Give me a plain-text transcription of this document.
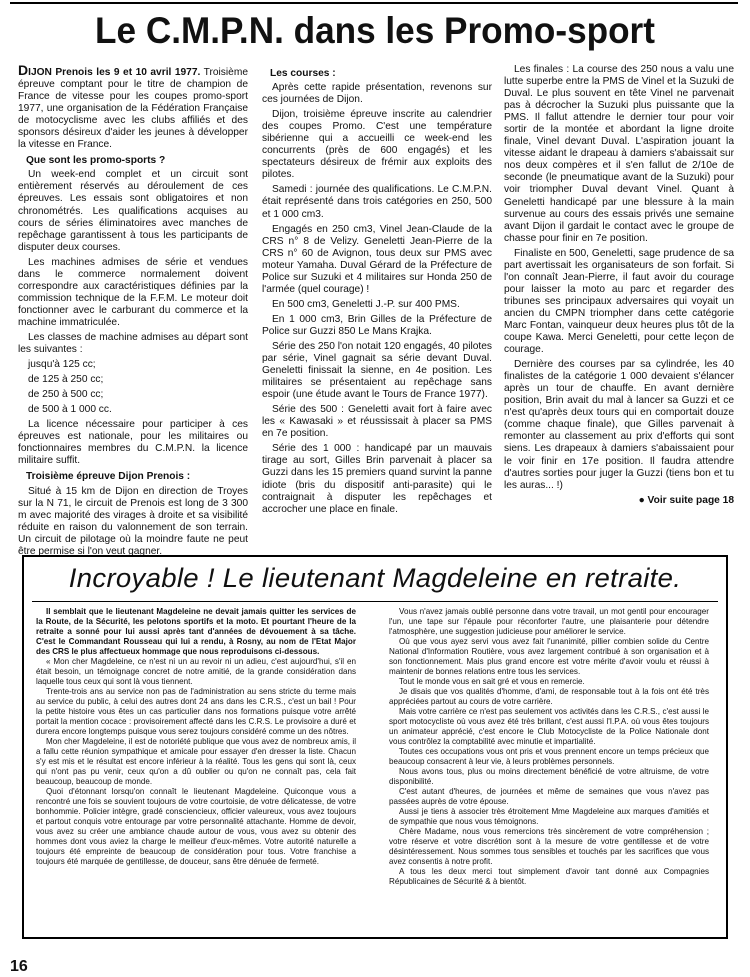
Le C.M.P.N. dans les Promo-sport

DIJON Prenois les 9 et 10 avril 1977. Troisième épreuve comptant pour le titre de champion de France de vitesse pour les coupes promo-sport 1977, une organisation de la Fédération Française de motocyclisme avec les clubs affiliés et des sponsors désireux d'aider les jeunes à développer la vitesse en France.

Que sont les promo-sports ?

Un week-end complet et un circuit sont entièrement réservés au déroulement de ces épreuves. Les essais sont obligatoires et non chronométrés. Les qualifications acquises au cours de séries éliminatoires avec manches de repêchage garantissent à tous les participants de disputer deux courses.

Les machines admises de série et vendues dans le commerce normalement doivent correspondre aux caractéristiques définies par la commission technique de la F.F.M. Le moteur doit fonctionner avec le carburant du commerce et la machine immatriculée.

Les classes de machine admises au départ sont les suivantes :

jusqu'à 125 cc;

de 125 à 250 cc;

de 250 à 500 cc;

de 500 à 1 000 cc.

La licence nécessaire pour participer à ces épreuves est nationale, pour les militaires ou fonctionnaires membres du C.M.P.N. la licence militaire suffit.

Troisième épreuve Dijon Prenois :

Situé à 15 km de Dijon en direction de Troyes sur la N 71, le circuit de Prenois est long de 3 300 m avec majorité des virages à droite et sa visibilité réduite en raison du valonnement de son terrain. Un circuit de pilotage où la moindre faute ne peut être permise si l'on veut gagner.

Les courses :

Après cette rapide présentation, revenons sur ces journées de Dijon.

Dijon, troisième épreuve inscrite au calendrier des coupes Promo. C'est une température sibérienne qui a accueilli ce week-end les concurrents (près de 600 engagés) et les spectateurs désireux de frémir aux exploits des pilotes.

Samedi : journée des qualifications. Le C.M.P.N. était représenté dans trois catégories en 250, 500 et 1 000 cm3.

Engagés en 250 cm3, Vinel Jean-Claude de la CRS n° 8 de Velizy. Geneletti Jean-Pierre de la CRS n° 60 de Avignon, tous deux sur PMS avec moteur Yamaha. Duval Gérard de la Préfecture de Police sur Suzuki et 4 militaires sur Honda 250 de l'armée (quel courage) !

En 500 cm3, Geneletti J.-P. sur 400 PMS.

En 1 000 cm3, Brin Gilles de la Préfecture de Police sur Guzzi 850 Le Mans Krajka.

Série des 250 l'on notait 120 engagés, 40 pilotes par série, Vinel gagnait sa série devant Duval. Geneletti finissait la sienne, en 4e position. Les militaires se présentaient au repêchage sans espoir (une étude avant le Tours de France 1977).

Série des 500 : Geneletti avait fort à faire avec les « Kawasaki » et réussissait à placer sa PMS en 7e position.

Série des 1 000 : handicapé par un mauvais tirage au sort, Gilles Brin parvenait à placer sa Guzzi dans les 15 premiers quand survint la panne idiote (bris du dispositif anti-parasite) qui le contraignait à disputer les repêchages et accrocher une place en finale.

Les finales : La course des 250 nous a valu une lutte superbe entre la PMS de Vinel et la Suzuki de Duval. Le plus souvent en tête Vinel ne parvenait pas à décrocher la Suzuki plus puissante que la PMS. Il fallut attendre le dernier tour pour voir sortir de la montée et abordant la ligne droite finale, Vinel devant Duval. L'aspiration jouant la vitesse aidant le drapeau à damiers s'abaissait sur nos deux compères et il s'en fallut de 2/10e de seconde (le pneumatique avant de la Suzuki) pour voir triompher Duval devant Vinel. Quant à Geneletti handicapé par une blessure à la main survenue au cours des essais privés une semaine avant Dijon il gardait le contact avec le groupe de chasse pour finir en 7e position.

Finaliste en 500, Geneletti, sage prudence de sa part avertissait les organisateurs de son forfait. Si l'on connaît Jean-Pierre, il faut avoir du courage pour laisser la moto au parc et regarder des tribunes ses principaux adversaires qui voyait un ancien du CMPN triompher dans cette catégorie Marc Fontan, vainqueur deux heures plus tôt de la coupe Kawa. Merci Geneletti, pour cette leçon de courage.

Dernière des courses par sa cylindrée, les 40 finalistes de la catégorie 1 000 devaient s'élancer après un tour de chauffe. En avant dernière position, Brin avait du mal à lancer sa Guzzi et ce n'est qu'après deux tours qui en comportait douze (comme chaque finale), que Gilles parvenait à remonter au classement au prix d'efforts qui sont siens. Les drapeaux à damiers s'abaissaient pour le voir finir en 17e position. Il faudra attendre d'autres sorties pour juger la Guzzi (tiens bon et tu les auras... !)

● Voir suite page 18

Incroyable ! Le lieutenant Magdeleine en retraite.

Il semblait que le lieutenant Magdeleine ne devait jamais quitter les services de la Route, de la Sécurité, les pelotons sportifs et la moto. Et pourtant l'heure de la retraite a sonné pour lui aussi après tant d'années de dévouement à sa tâche. C'est le Commandant Rousseau qui lui a rendu, à Rosny, au nom de l'Etat Major des CRS le plus affectueux hommage que nous reproduisons ci-dessous.

« Mon cher Magdeleine, ce n'est ni un au revoir ni un adieu, c'est aujourd'hui, s'il en était besoin, un témoignage concret de notre amitié, de la grande considération dans laquelle tous ceux qui sont là vous tiennent.

Trente-trois ans au service non pas de l'administration au sens stricte du terme mais au service du public, à celui des autres dont 24 ans dans les C.R.S., c'est un bail ! Pour la petite histoire vous êtes un cas particulier dans nos formations puisque votre arrêté portait la mention cocace : provisoirement affecté dans les C.R.S. Le provisoire a duré et durera encore longtemps puisque vous serez toujours considéré comme un des nôtres.

Mon cher Magdeleine, il est de notoriété publique que vous avez de nombreux amis, il a fallu cette réunion sympathique et amicale pour essayer d'en dresser la liste. Chacun s'y est mis et le résultat est encore inférieur à la réalité. Tous les gens qui sont là, ceux qui n'ont pas pu venir, ceux qu'on a dû oublier ou qu'on ne connaît pas, cela fait beaucoup, beaucoup de monde.

Quoi d'étonnant lorsqu'on connaît le lieutenant Magdeleine. Quiconque vous a rencontré une fois se souvient toujours de votre courtoisie, de votre délicatesse, de votre bonhommie. Policier intègre, gradé consciencieux, officier valeureux, vous avez toujours et partout conquis votre entourage par votre personnalité attachante. Homme de devoir, vous avez su créer une ambiance chaude autour de vous, vous avez su obtenir des hommes dont vous aviez la charge le meilleur d'eux-mêmes. Votre autorité naturelle a toujours été empreinte de beaucoup de considération pour tous. Votre franchise a toujours été marquée de gentillesse, de douceur, sans être dénuée de fermeté.

Vous n'avez jamais oublié personne dans votre travail, un mot gentil pour encourager l'un, une tape sur l'épaule pour réconforter l'autre, une plaisanterie pour détendre l'atmosphère, une suggestion judicieuse pour améliorer le service.

Où que vous ayez servi vous avez fait l'unanimité, pillier combien solide du Centre National d'Information Routière, vous avez largement contribué à son organisation et à son fonctionnement. Mais plus grand encore est votre mérite d'avoir voulu et réussi à maintenir de bonnes relations entre tous les services.

Tout le monde vous en sait gré et vous en remercie.

Je disais que vos qualités d'homme, d'ami, de responsable tout à la fois ont été très appréciées partout au cours de votre carrière.

Mais votre carrière ce n'est pas seulement vos activités dans les C.R.S., c'est aussi le sport motocycliste où vous avez été très brillant, c'est aussi l'I.P.A. où vous êtes toujours un animateur apprécié, c'est encore le Club Motocycliste de la Police Nationale dont vous contrôlez la comptabilité avec minutie et impartialité.

Toutes ces occupations vous ont pris et vous prennent encore un temps précieux que beaucoup consacrent à leur vie, à leurs problèmes personnels.

Nous avons tous, plus ou moins directement bénéficié de votre altruisme, de votre disponibilité.

C'est autant d'heures, de journées et même de semaines que vous n'avez pas passées auprès de votre épouse.

Aussi je tiens à associer très étroitement Mme Magdeleine aux marques d'amitiés et de sympathie que nous vous témoignons.

Chère Madame, nous vous remercions très sincèrement de votre compréhension ; votre réserve et votre discrétion sont à la mesure de votre gentillesse et de votre désintéressement. Nous sommes tous sensibles et touchés par les sacrifices que vous avez consentis à notre profit.

A tous les deux merci tout simplement d'avoir tant donné aux Compagnies Républicaines de Sécurité & à bientôt.

16
